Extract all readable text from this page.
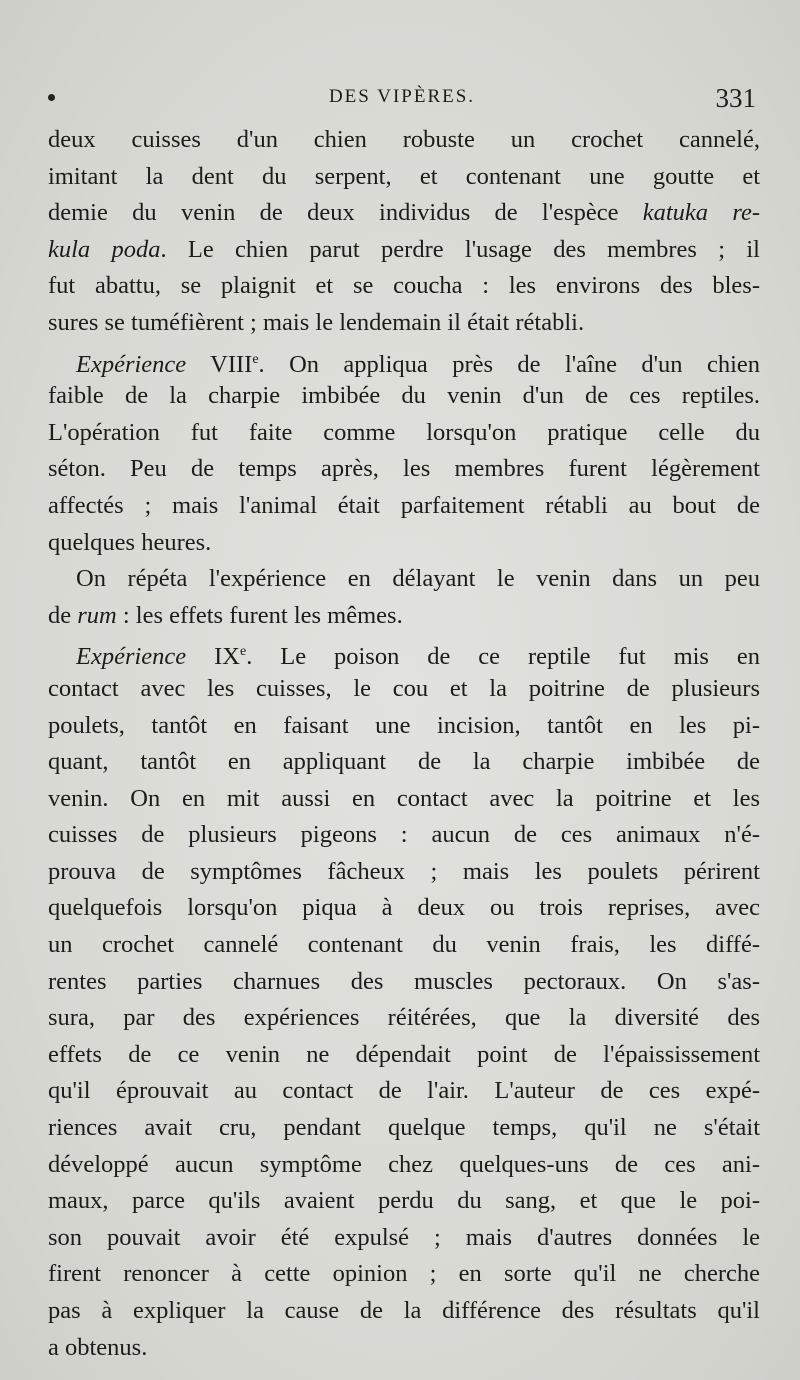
DES VIPÈRES.	331
deux cuisses d'un chien robuste un crochet cannelé,
imitant la dent du serpent, et contenant une goutte et
demie du venin de deux individus de l'espèce katuka re-
kula poda. Le chien parut perdre l'usage des membres ; il
fut abattu, se plaignit et se coucha : les environs des bles-
sures se tuméfièrent ; mais le lendemain il était rétabli.
Expérience VIIIe. On appliqua près de l'aîne d'un chien
faible de la charpie imbibée du venin d'un de ces reptiles.
L'opération fut faite comme lorsqu'on pratique celle du
séton. Peu de temps après, les membres furent légèrement
affectés ; mais l'animal était parfaitement rétabli au bout de
quelques heures.
On répéta l'expérience en délayant le venin dans un peu
de rum : les effets furent les mêmes.
Expérience IXe. Le poison de ce reptile fut mis en
contact avec les cuisses, le cou et la poitrine de plusieurs
poulets, tantôt en faisant une incision, tantôt en les pi-
quant, tantôt en appliquant de la charpie imbibée de
venin. On en mit aussi en contact avec la poitrine et les
cuisses de plusieurs pigeons : aucun de ces animaux n'é-
prouva de symptômes fâcheux ; mais les poulets périrent
quelquefois lorsqu'on piqua à deux ou trois reprises, avec
un crochet cannelé contenant du venin frais, les diffé-
rentes parties charnues des muscles pectoraux. On s'as-
sura, par des expériences réitérées, que la diversité des
effets de ce venin ne dépendait point de l'épaississement
qu'il éprouvait au contact de l'air. L'auteur de ces expé-
riences avait cru, pendant quelque temps, qu'il ne s'était
développé aucun symptôme chez quelques-uns de ces ani-
maux, parce qu'ils avaient perdu du sang, et que le poi-
son pouvait avoir été expulsé ; mais d'autres données le
firent renoncer à cette opinion ; en sorte qu'il ne cherche
pas à expliquer la cause de la différence des résultats qu'il
a obtenus.
